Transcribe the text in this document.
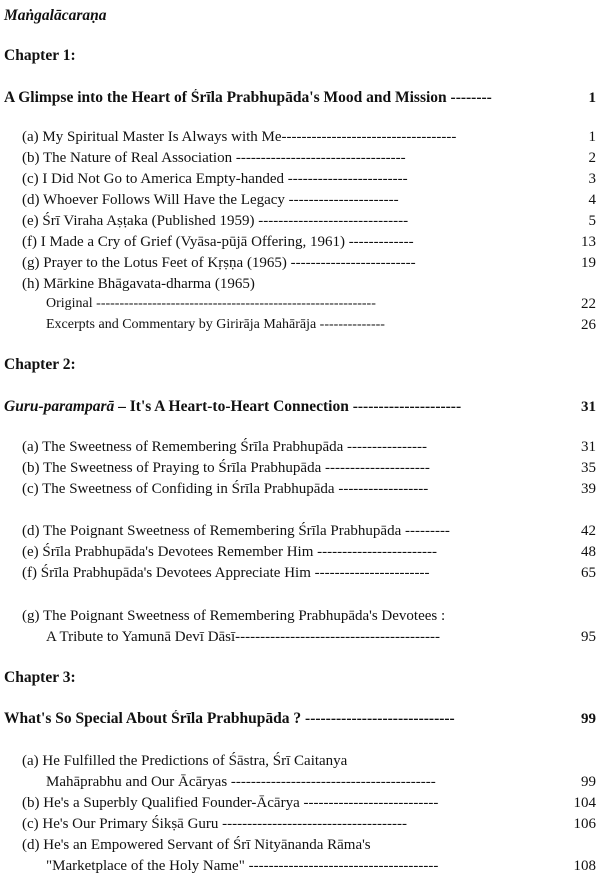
Maṅgalācaraṇa
Chapter 1:
A Glimpse into the Heart of Śrīla Prabhupāda's Mood and Mission --------	1
(a) My Spiritual Master Is Always with Me-----------------------------------	1
(b) The Nature of Real Association ----------------------------------	2
(c) I Did Not Go to America Empty-handed ------------------------	3
(d) Whoever Follows Will Have the Legacy ----------------------	4
(e) Śrī Viraha Aṣṭaka (Published 1959) ------------------------------	5
(f) I Made a Cry of Grief (Vyāsa-pūjā Offering, 1961) -------------	13
(g) Prayer to the Lotus Feet of Kṛṣṇa (1965) -------------------------	19
(h) Mārkine Bhāgavata-dharma (1965)
Original ------------------------------------------------------------	22
Excerpts and Commentary by Girirāja Mahārāja --------------	26
Chapter 2:
Guru-paramparā – It's A Heart-to-Heart Connection ---------------------	31
(a) The Sweetness of Remembering Śrīla Prabhupāda ----------------	31
(b) The Sweetness of Praying to Śrīla Prabhupāda ---------------------	35
(c) The Sweetness of Confiding in Śrīla Prabhupāda ------------------	39
(d) The Poignant Sweetness of Remembering Śrīla Prabhupāda ---------	42
(e) Śrīla Prabhupāda's Devotees Remember Him ------------------------	48
(f) Śrīla Prabhupāda's Devotees Appreciate Him -----------------------	65
(g) The Poignant Sweetness of Remembering Prabhupāda's Devotees :
A Tribute to Yamunā Devī Dāsī-----------------------------------------	95
Chapter 3:
What's So Special About Śrīla Prabhupāda ? -----------------------------	99
(a) He Fulfilled the Predictions of Śāstra, Śrī Caitanya
Mahāprabhu and Our Ācāryas -----------------------------------------	99
(b) He's a Superbly Qualified Founder-Ācārya ---------------------------	104
(c) He's Our Primary Śikṣā Guru -------------------------------------	106
(d) He's an Empowered Servant of Śrī Nityānanda Rāma's
"Marketplace of the Holy Name" --------------------------------------	108
